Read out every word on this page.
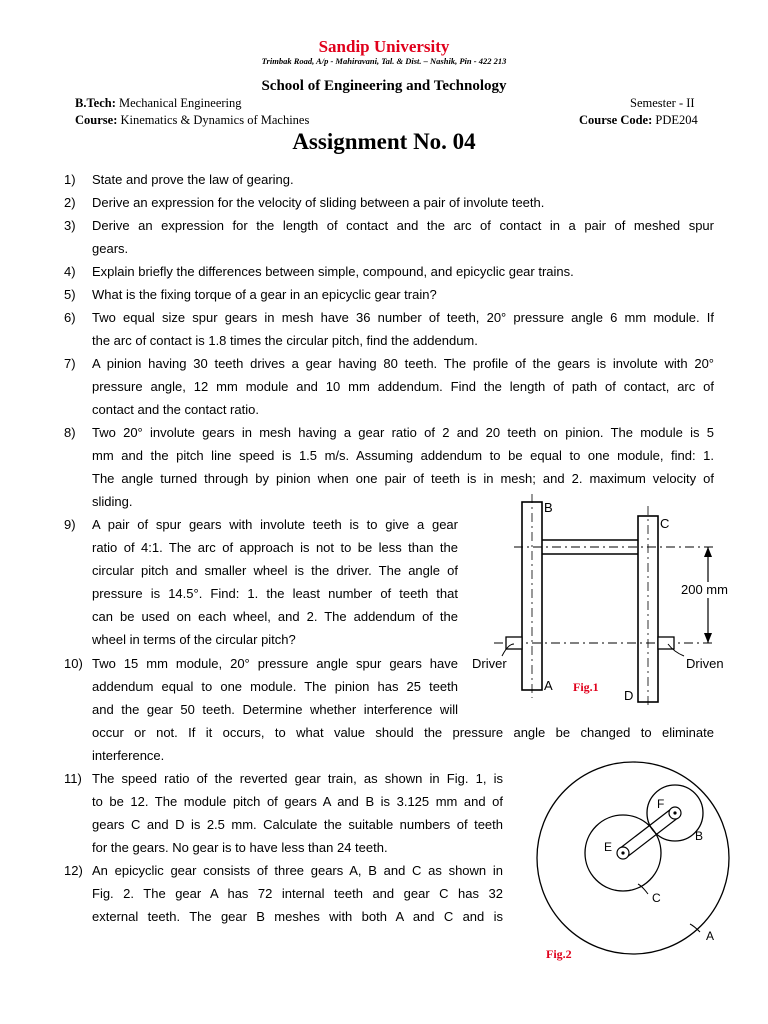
Sandip University
Trimbak Road, A/p - Mahiravani, Tal. & Dist. – Nashik, Pin - 422 213
School of Engineering and Technology
B.Tech: Mechanical Engineering	Semester - II
Course: Kinematics & Dynamics of Machines	Course Code: PDE204
Assignment No. 04
1) State and prove the law of gearing.
2) Derive an expression for the velocity of sliding between a pair of involute teeth.
3) Derive an expression for the length of contact and the arc of contact in a pair of meshed spur
gears.
4) Explain briefly the differences between simple, compound, and epicyclic gear trains.
5) What is the fixing torque of a gear in an epicyclic gear train?
6) Two equal size spur gears in mesh have 36 number of teeth, 20° pressure angle 6 mm module. If
the arc of contact is 1.8 times the circular pitch, find the addendum.
7) A pinion having 30 teeth drives a gear having 80 teeth. The profile of the gears is involute with 20°
pressure angle, 12 mm module and 10 mm addendum. Find the length of path of contact, arc of
contact and the contact ratio.
8) Two 20° involute gears in mesh having a gear ratio of 2 and 20 teeth on pinion. The module is 5
mm and the pitch line speed is 1.5 m/s. Assuming addendum to be equal to one module, find: 1.
The angle turned through by pinion when one pair of teeth is in mesh; and 2. maximum velocity of
sliding.
9) A pair of spur gears with involute teeth is to give a gear
ratio of 4:1. The arc of approach is not to be less than the
circular pitch and smaller wheel is the driver. The angle of
pressure is 14.5°. Find: 1. the least number of teeth that
can be used on each wheel, and 2. The addendum of the
wheel in terms of the circular pitch?
10) Two 15 mm module, 20° pressure angle spur gears have
addendum equal to one module. The pinion has 25 teeth
and the gear 50 teeth. Determine whether interference will
occur or not. If it occurs, to what value should the pressure angle be changed to eliminate
interference.
11) The speed ratio of the reverted gear train, as shown in Fig. 1, is
to be 12. The module pitch of gears A and B is 3.125 mm and of
gears C and D is 2.5 mm. Calculate the suitable numbers of teeth
for the gears. No gear is to have less than 24 teeth.
12) An epicyclic gear consists of three gears A, B and C as shown in
Fig. 2. The gear A has 72 internal teeth and gear C has 32
external teeth. The gear B meshes with both A and C and is
200 mm
B
C
A
D
Driver	Driven
Fig.1
F
B
E
C
A
Fig.2
